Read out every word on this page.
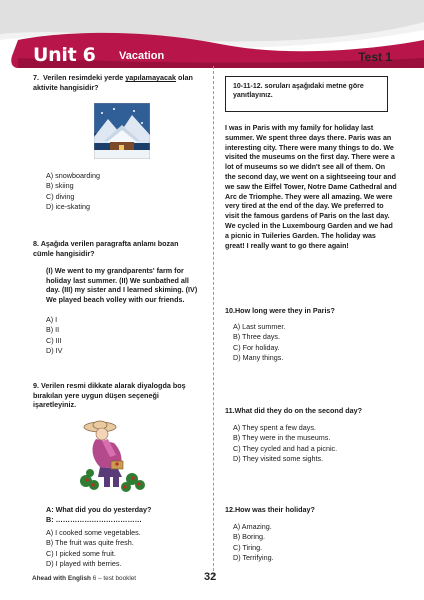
Unit 6 Vacation	Test 1
7.  Verilen resimdeki yerde yapılamayacak olan aktivite hangisidir?
A) snowboarding
B) skiing
C) diving
D) ice-skating
8. Aşağıda verilen paragrafta anlamı bozan cümle hangisidir?
(I) We went to my grandparents' farm for holiday last summer. (II) We sunbathed all day. (III) my sister and I learned skiming. (IV) We played beach volley with our friends.
A) I
B) II
C) III
D) IV
9. Verilen resmi dikkate alarak diyalogda boş bırakılan yere uygun düşen seçeneği işaretleyiniz.
A: What did you do yesterday?
B: ………………………………
A) I cooked some vegetables.
B) The fruit was quite fresh.
C) I picked some fruit.
D) I played with berries.
10-11-12. soruları aşağıdaki metne göre yanıtlayınız.
I was in Paris with my family for holiday last summer. We spent three days there. Paris was an interesting city. There were many things to do. We visited the museums on the first day. There were a lot of museums so we didn't see all of them. On the second day, we went on a sightseeing tour and we saw the Eiffel Tower, Notre Dame Cathedral and Arc de Triomphe. They were all amazing. We were very tired at the end of the day. We preferred to visit the famous gardens of Paris on the last day. We cycled in the Luxembourg Garden and we had a picnic in Tuileries Garden. The holiday was great! I really want to go there again!
10.How long were they in Paris?
A) Last summer.
B) Three days.
C) For holiday.
D) Many things.
11.What did they do on the second day?
A) They spent a few days.
B) They were in the museums.
C) They cycled and had a picnic.
D) They visited some sights.
12.How was their holiday?
A) Amazing.
B) Boring.
C) Tiring.
D) Terrifying.
Ahead with English 6 – test booklet	32
